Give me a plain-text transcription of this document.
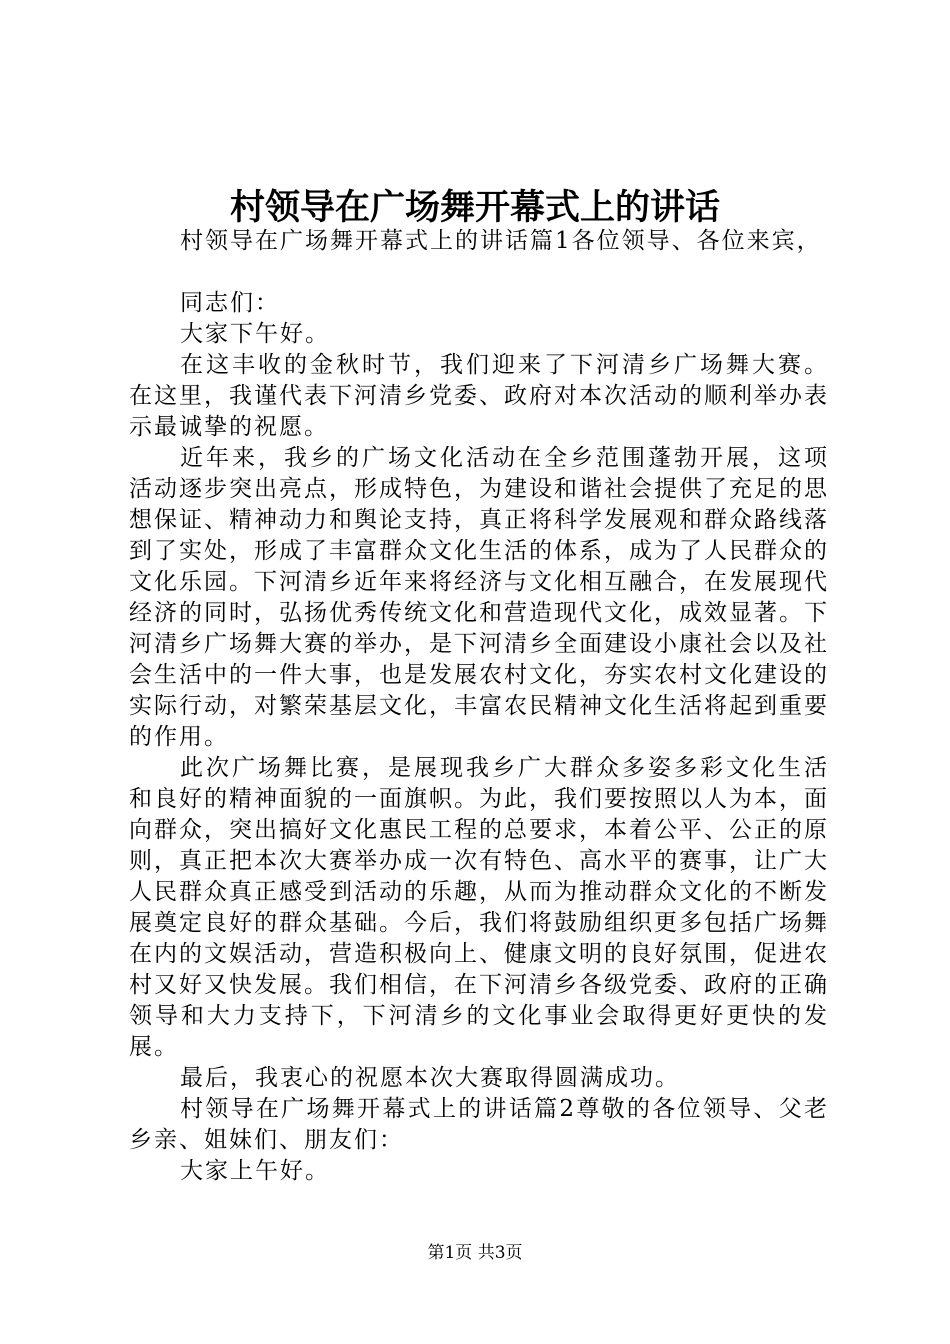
村领导在广场舞开幕式上的讲话

村领导在广场舞开幕式上的讲话篇1各位领导、各位来宾，

同志们：

大家下午好。

在这丰收的金秋时节，我们迎来了下河清乡广场舞大赛。在这里，我谨代表下河清乡党委、政府对本次活动的顺利举办表示最诚挚的祝愿。

近年来，我乡的广场文化活动在全乡范围蓬勃开展，这项活动逐步突出亮点，形成特色，为建设和谐社会提供了充足的思想保证、精神动力和舆论支持，真正将科学发展观和群众路线落到了实处，形成了丰富群众文化生活的体系，成为了人民群众的文化乐园。下河清乡近年来将经济与文化相互融合，在发展现代经济的同时，弘扬优秀传统文化和营造现代文化，成效显著。下河清乡广场舞大赛的举办，是下河清乡全面建设小康社会以及社会生活中的一件大事，也是发展农村文化，夯实农村文化建设的实际行动，对繁荣基层文化，丰富农民精神文化生活将起到重要的作用。

此次广场舞比赛，是展现我乡广大群众多姿多彩文化生活和良好的精神面貌的一面旗帜。为此，我们要按照以人为本，面向群众，突出搞好文化惠民工程的总要求，本着公平、公正的原则，真正把本次大赛举办成一次有特色、高水平的赛事，让广大人民群众真正感受到活动的乐趣，从而为推动群众文化的不断发展奠定良好的群众基础。今后，我们将鼓励组织更多包括广场舞在内的文娱活动，营造积极向上、健康文明的良好氛围，促进农村又好又快发展。我们相信，在下河清乡各级党委、政府的正确领导和大力支持下，下河清乡的文化事业会取得更好更快的发展。

最后，我衷心的祝愿本次大赛取得圆满成功。

村领导在广场舞开幕式上的讲话篇2尊敬的各位领导、父老乡亲、姐妹们、朋友们：

大家上午好。

第1页 共3页
